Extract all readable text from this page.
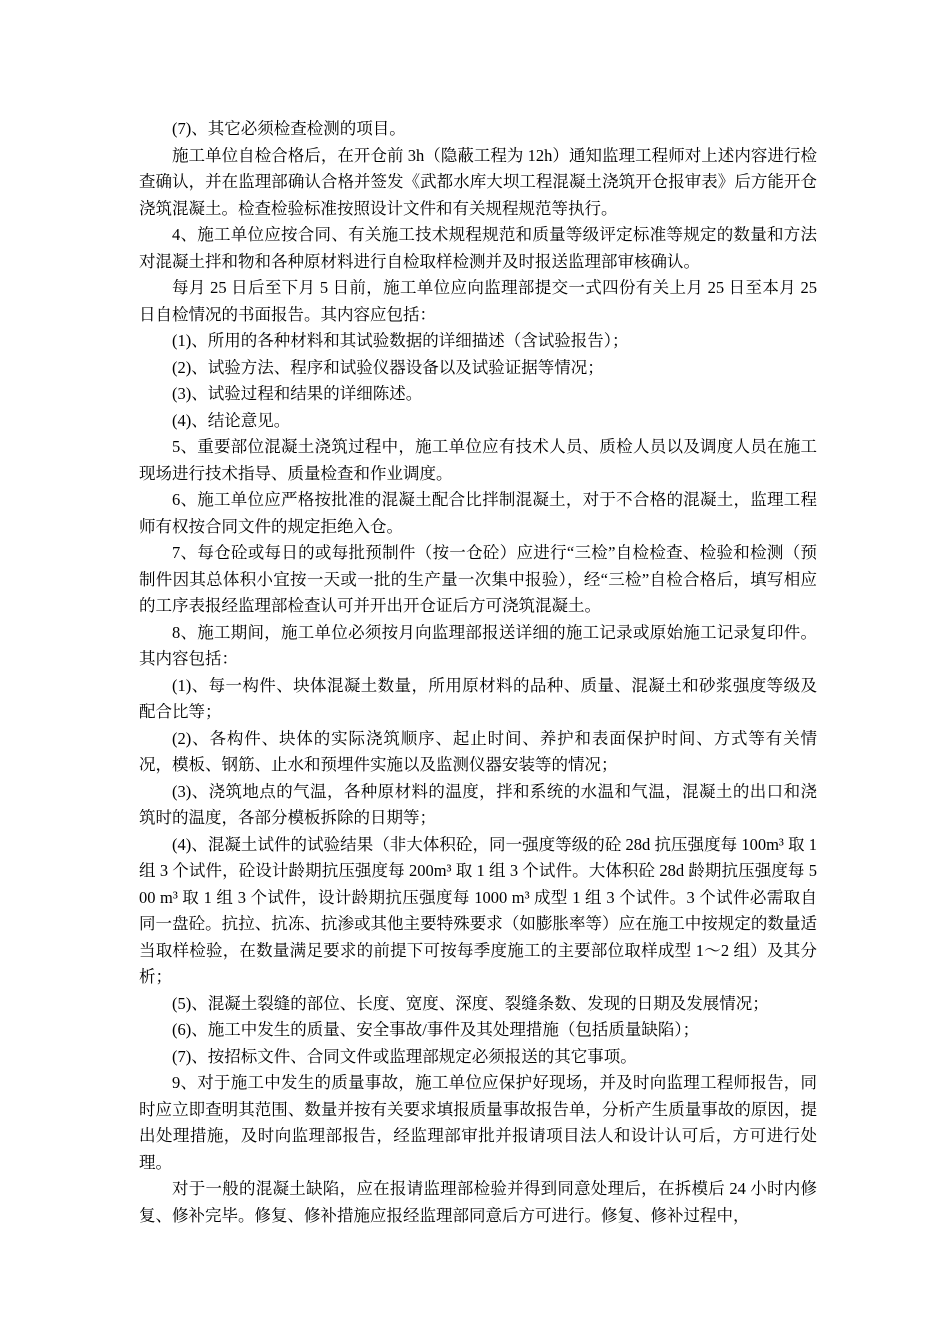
(7)、其它必须检查检测的项目。

施工单位自检合格后，在开仓前 3h（隐蔽工程为 12h）通知监理工程师对上述内容进行检查确认，并在监理部确认合格并签发《武都水库大坝工程混凝土浇筑开仓报审表》后方能开仓浇筑混凝土。检查检验标准按照设计文件和有关规程规范等执行。

4、施工单位应按合同、有关施工技术规程规范和质量等级评定标准等规定的数量和方法对混凝土拌和物和各种原材料进行自检取样检测并及时报送监理部审核确认。

每月 25 日后至下月 5 日前，施工单位应向监理部提交一式四份有关上月 25 日至本月 25 日自检情况的书面报告。其内容应包括：

(1)、所用的各种材料和其试验数据的详细描述（含试验报告）；

(2)、试验方法、程序和试验仪器设备以及试验证据等情况；

(3)、试验过程和结果的详细陈述。

(4)、结论意见。

5、重要部位混凝土浇筑过程中，施工单位应有技术人员、质检人员以及调度人员在施工现场进行技术指导、质量检查和作业调度。

6、施工单位应严格按批准的混凝土配合比拌制混凝土，对于不合格的混凝土，监理工程师有权按合同文件的规定拒绝入仓。

7、每仓砼或每日的或每批预制件（按一仓砼）应进行“三检”自检检查、检验和检测（预制件因其总体积小宜按一天或一批的生产量一次集中报验），经“三检”自检合格后，填写相应的工序表报经监理部检查认可并开出开仓证后方可浇筑混凝土。

8、施工期间，施工单位必须按月向监理部报送详细的施工记录或原始施工记录复印件。其内容包括：

(1)、每一构件、块体混凝土数量，所用原材料的品种、质量、混凝土和砂浆强度等级及配合比等；

(2)、各构件、块体的实际浇筑顺序、起止时间、养护和表面保护时间、方式等有关情况，模板、钢筋、止水和预埋件实施以及监测仪器安装等的情况；

(3)、浇筑地点的气温，各种原材料的温度，拌和系统的水温和气温，混凝土的出口和浇筑时的温度，各部分模板拆除的日期等；

(4)、混凝土试件的试验结果（非大体积砼，同一强度等级的砼 28d 抗压强度每 100m³ 取 1 组 3 个试件，砼设计龄期抗压强度每 200m³ 取 1 组 3 个试件。大体积砼 28d 龄期抗压强度每 500 m³ 取 1 组 3 个试件，设计龄期抗压强度每 1000 m³ 成型 1 组 3 个试件。3 个试件必需取自同一盘砼。抗拉、抗冻、抗渗或其他主要特殊要求（如膨胀率等）应在施工中按规定的数量适当取样检验，在数量满足要求的前提下可按每季度施工的主要部位取样成型 1～2 组）及其分析；

(5)、混凝土裂缝的部位、长度、宽度、深度、裂缝条数、发现的日期及发展情况；

(6)、施工中发生的质量、安全事故/事件及其处理措施（包括质量缺陷）；

(7)、按招标文件、合同文件或监理部规定必须报送的其它事项。

9、对于施工中发生的质量事故，施工单位应保护好现场，并及时向监理工程师报告，同时应立即查明其范围、数量并按有关要求填报质量事故报告单，分析产生质量事故的原因，提出处理措施，及时向监理部报告，经监理部审批并报请项目法人和设计认可后，方可进行处理。

对于一般的混凝土缺陷，应在报请监理部检验并得到同意处理后，在拆模后 24 小时内修复、修补完毕。修复、修补措施应报经监理部同意后方可进行。修复、修补过程中，
